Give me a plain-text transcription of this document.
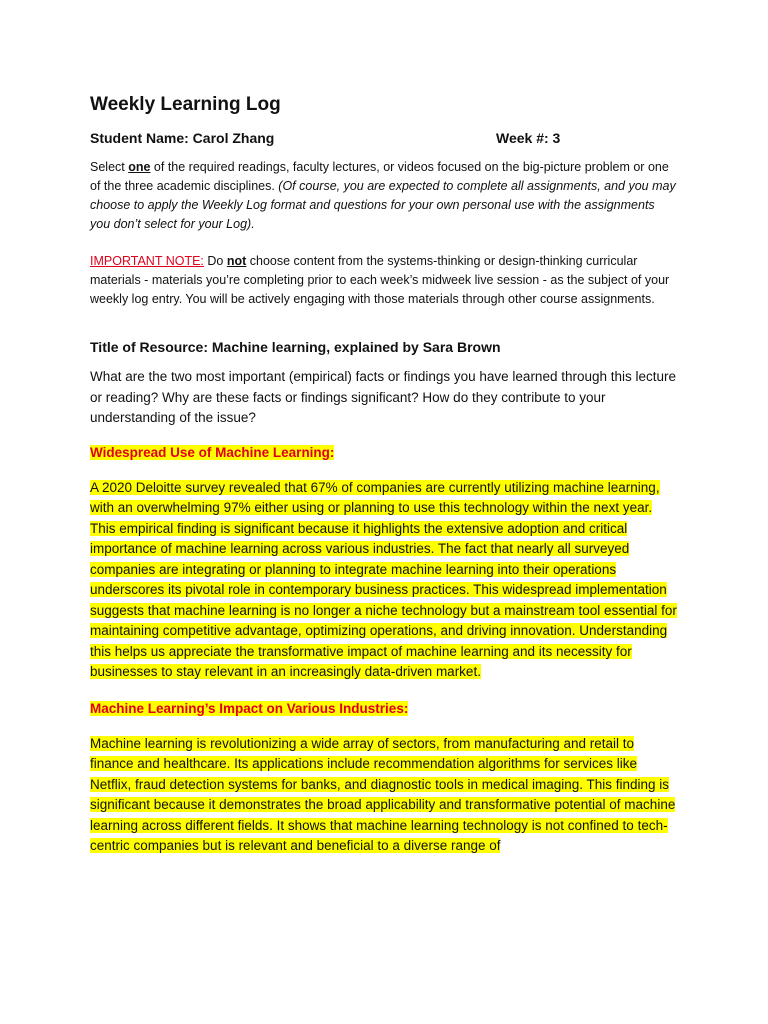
Weekly Learning Log
Student Name: Carol Zhang	Week #: 3

Select one of the required readings, faculty lectures, or videos focused on the big-picture problem or one of the three academic disciplines. (Of course, you are expected to complete all assignments, and you may choose to apply the Weekly Log format and questions for your own personal use with the assignments you don’t select for your Log).

IMPORTANT NOTE: Do not choose content from the systems-thinking or design-thinking curricular materials - materials you’re completing prior to each week’s midweek live session - as the subject of your weekly log entry. You will be actively engaging with those materials through other course assignments.

Title of Resource: Machine learning, explained by Sara Brown

What are the two most important (empirical) facts or findings you have learned through this lecture or reading? Why are these facts or findings significant? How do they contribute to your understanding of the issue?

Widespread Use of Machine Learning:

A 2020 Deloitte survey revealed that 67% of companies are currently utilizing machine learning, with an overwhelming 97% either using or planning to use this technology within the next year. This empirical finding is significant because it highlights the extensive adoption and critical importance of machine learning across various industries. The fact that nearly all surveyed companies are integrating or planning to integrate machine learning into their operations underscores its pivotal role in contemporary business practices. This widespread implementation suggests that machine learning is no longer a niche technology but a mainstream tool essential for maintaining competitive advantage, optimizing operations, and driving innovation. Understanding this helps us appreciate the transformative impact of machine learning and its necessity for businesses to stay relevant in an increasingly data-driven market.

Machine Learning’s Impact on Various Industries:

Machine learning is revolutionizing a wide array of sectors, from manufacturing and retail to finance and healthcare. Its applications include recommendation algorithms for services like Netflix, fraud detection systems for banks, and diagnostic tools in medical imaging. This finding is significant because it demonstrates the broad applicability and transformative potential of machine learning across different fields. It shows that machine learning technology is not confined to tech-centric companies but is relevant and beneficial to a diverse range of
